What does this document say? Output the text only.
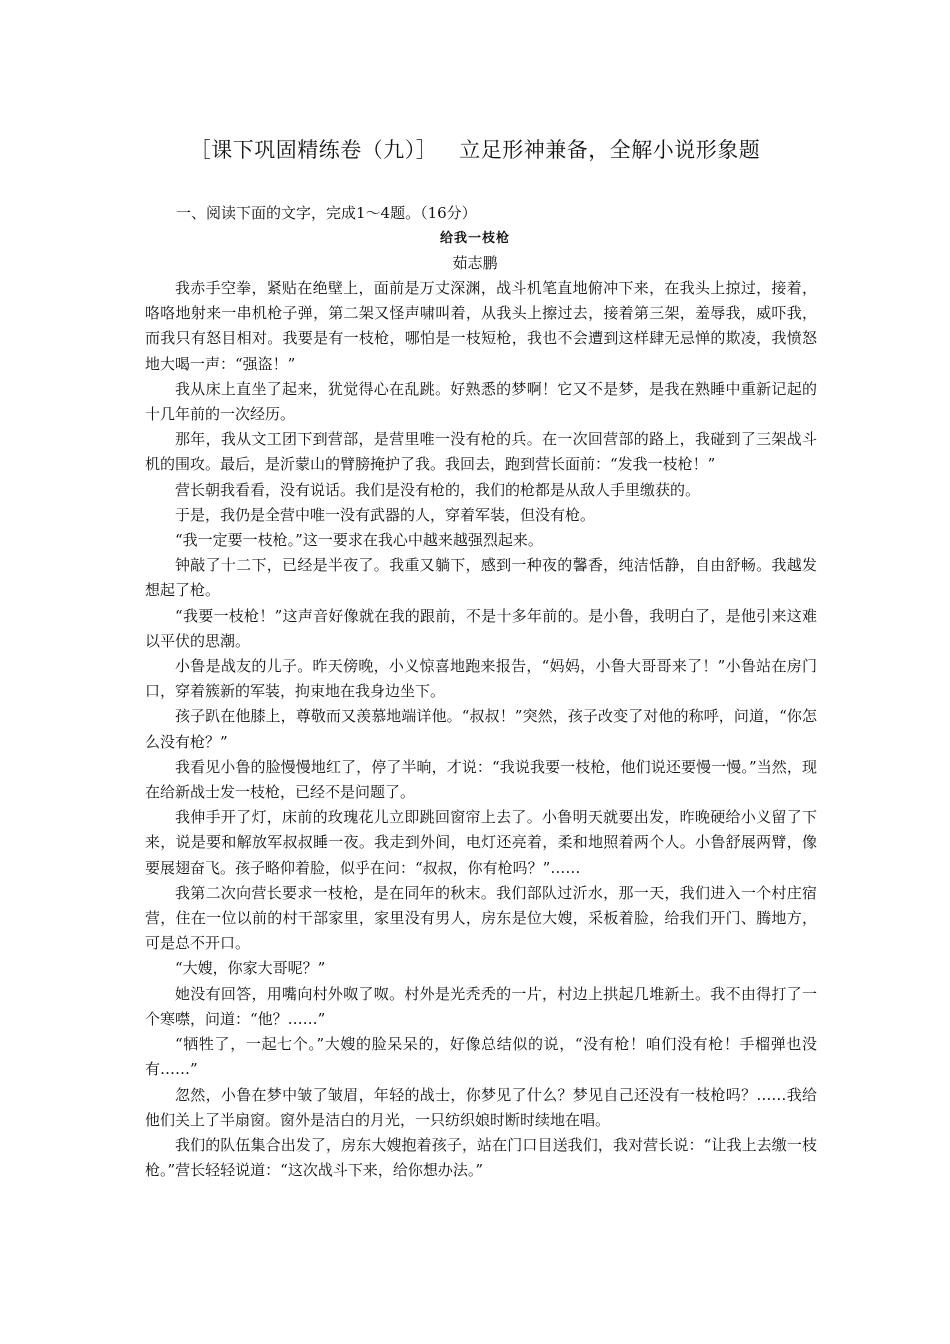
［课下巩固精练卷（九）］ 立足形神兼备，全解小说形象题
一、阅读下面的文字，完成1～4题。（16分）
给我一枝枪
茹志鹏

我赤手空拳，紧贴在绝壁上，面前是万丈深渊，战斗机笔直地俯冲下来，在我头上掠过，接着，咯咯地射来一串机枪子弹，第二架又怪声啸叫着，从我头上擦过去，接着第三架，羞辱我，威吓我，而我只有怒目相对。我要是有一枝枪，哪怕是一枝短枪，我也不会遭到这样肆无忌惮的欺凌，我愤怒地大喝一声：“强盗！”

我从床上直坐了起来，犹觉得心在乱跳。好熟悉的梦啊！它又不是梦，是我在熟睡中重新记起的十几年前的一次经历。

那年，我从文工团下到营部，是营里唯一没有枪的兵。在一次回营部的路上，我碰到了三架战斗机的围攻。最后，是沂蒙山的臂膀掩护了我。我回去，跑到营长面前：“发我一枝枪！”

营长朝我看看，没有说话。我们是没有枪的，我们的枪都是从敌人手里缴获的。

于是，我仍是全营中唯一没有武器的人，穿着军装，但没有枪。

“我一定要一枝枪。”这一要求在我心中越来越强烈起来。

钟敲了十二下，已经是半夜了。我重又躺下，感到一种夜的馨香，纯洁恬静，自由舒畅。我越发想起了枪。

“我要一枝枪！”这声音好像就在我的跟前，不是十多年前的。是小鲁，我明白了，是他引来这难以平伏的思潮。

小鲁是战友的儿子。昨天傍晚，小义惊喜地跑来报告，“妈妈，小鲁大哥哥来了！”小鲁站在房门口，穿着簇新的军装，拘束地在我身边坐下。

孩子趴在他膝上，尊敬而又羡慕地端详他。“叔叔！”突然，孩子改变了对他的称呼，问道，“你怎么没有枪？”

我看见小鲁的脸慢慢地红了，停了半晌，才说：“我说我要一枝枪，他们说还要慢一慢。”当然，现在给新战士发一枝枪，已经不是问题了。

我伸手开了灯，床前的玫瑰花儿立即跳回窗帘上去了。小鲁明天就要出发，昨晚硬给小义留了下来，说是要和解放军叔叔睡一夜。我走到外间，电灯还亮着，柔和地照着两个人。小鲁舒展两臂，像要展翅奋飞。孩子略仰着脸，似乎在问：“叔叔，你有枪吗？”……

我第二次向营长要求一枝枪，是在同年的秋末。我们部队过沂水，那一天，我们进入一个村庄宿营，住在一位以前的村干部家里，家里没有男人，房东是位大嫂，采板着脸，给我们开门、腾地方，可是总不开口。

“大嫂，你家大哥呢？”

她没有回答，用嘴向村外呶了呶。村外是光秃秃的一片，村边上拱起几堆新土。我不由得打了一个寒噤，问道：“他？……”

“牺牲了，一起七个。”大嫂的脸呆呆的，好像总结似的说，“没有枪！咱们没有枪！手榴弹也没有……”

忽然，小鲁在梦中皱了皱眉，年轻的战士，你梦见了什么？梦见自己还没有一枝枪吗？……我给他们关上了半扇窗。窗外是洁白的月光，一只纺织娘时断时续地在唱。

我们的队伍集合出发了，房东大嫂抱着孩子，站在门口目送我们，我对营长说：“让我上去缴一枝枪。”营长轻轻说道：“这次战斗下来，给你想办法。”
